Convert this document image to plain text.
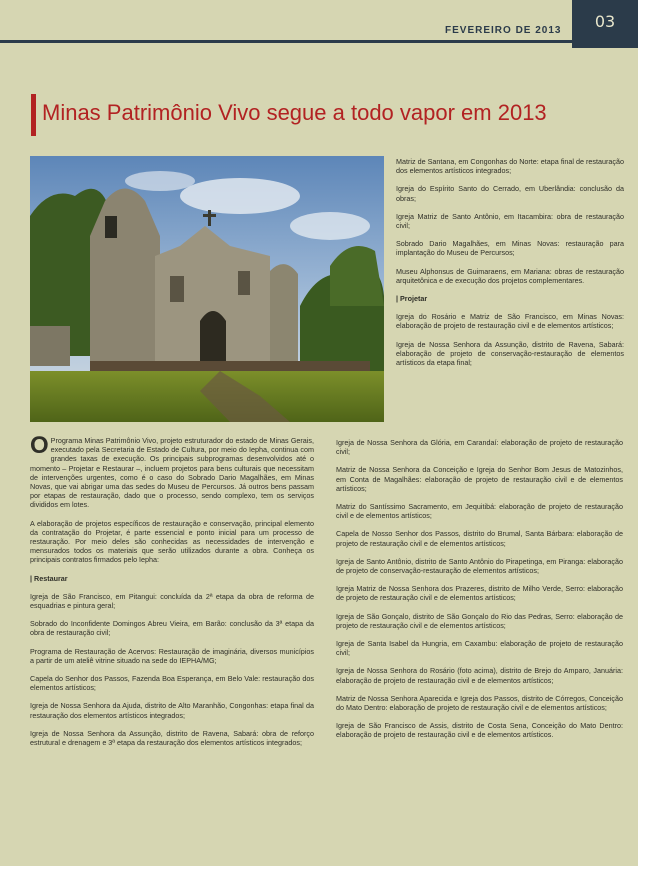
FEVEREIRO DE 2013	03
Minas Patrimônio Vivo segue a todo vapor em 2013

Matriz de Santana, em Congonhas do Norte: etapa final de restauração dos elementos artísticos integrados;

Igreja do Espírito Santo do Cerrado, em Uberlândia: conclusão da obras;

Igreja Matriz de Santo Antônio, em Itacambira: obra de restauração civil;

Sobrado Dario Magalhães, em Minas Novas: restauração para implantação do Museu de Percursos;

Museu Alphonsus de Guimaraens, em Mariana: obras de restauração arquitetônica e de execução dos projetos complementares.

| Projetar

Igreja do Rosário e Matriz de São Francisco, em Minas Novas: elaboração de projeto de restauração civil e de elementos artísticos;

Igreja de Nossa Senhora da Assunção, distrito de Ravena, Sabará: elaboração de projeto de conservação-restauração de elementos artísticos da etapa final;

O Programa Minas Patrimônio Vivo, projeto estruturador do estado de Minas Gerais, executado pela Secretaria de Estado de Cultura, por meio do Iepha, continua com grandes taxas de execução. Os principais subprogramas desenvolvidos até o momento – Projetar e Restaurar –, incluem projetos para bens culturais que necessitam de intervenções urgentes, como é o caso do Sobrado Dario Magalhães, em Minas Novas, que vai abrigar uma das sedes do Museu de Percursos. Já outros bens passam por etapas de restauração, dado que o processo, sendo complexo, tem os serviços divididos em lotes.

A elaboração de projetos específicos de restauração e conservação, principal elemento da contratação do Projetar, é parte essencial e ponto inicial para um processo de restauração. Por meio deles são conhecidas as necessidades de intervenção e mensurados todos os materiais que serão utilizados durante a obra. Conheça os principais contratos firmados pelo Iepha:

| Restaurar

Igreja de São Francisco, em Pitangui: concluída da 2ª etapa da obra de reforma de esquadrias e pintura geral;

Sobrado do Inconfidente Domingos Abreu Vieira, em Barão: conclusão da 3ª etapa da obra de restauração civil;

Programa de Restauração de Acervos: Restauração de imaginária, diversos municípios a partir de um ateliê vitrine situado na sede do IEPHA/MG;

Capela do Senhor dos Passos, Fazenda Boa Esperança, em Belo Vale: restauração dos elementos artísticos;

Igreja de Nossa Senhora da Ajuda, distrito de Alto Maranhão, Congonhas: etapa final da restauração dos elementos artísticos integrados;

Igreja de Nossa Senhora da Assunção, distrito de Ravena, Sabará: obra de reforço estrutural e drenagem e 3ª etapa da restauração dos elementos artísticos integrados;

Igreja de Nossa Senhora da Glória, em Carandaí: elaboração de projeto de restauração civil;

Matriz de Nossa Senhora da Conceição e Igreja do Senhor Bom Jesus de Matozinhos, em Conta de Magalhães: elaboração de projeto de restauração civil e de elementos artísticos;

Matriz do Santíssimo Sacramento, em Jequitibá: elaboração de projeto de restauração civil e de elementos artísticos;

Capela de Nosso Senhor dos Passos, distrito do Brumal, Santa Bárbara: elaboração de projeto de restauração civil e de elementos artísticos;

Igreja de Santo Antônio, distrito de Santo Antônio do Pirapetinga, em Piranga: elaboração de projeto de conservação-restauração de elementos artísticos;

Igreja Matriz de Nossa Senhora dos Prazeres, distrito de Milho Verde, Serro: elaboração de projeto de restauração civil e de elementos artísticos;

Igreja de São Gonçalo, distrito de São Gonçalo do Rio das Pedras, Serro: elaboração de projeto de restauração civil e de elementos artísticos;

Igreja de Santa Isabel da Hungria, em Caxambu: elaboração de projeto de restauração civil;

Igreja de Nossa Senhora do Rosário (foto acima), distrito de Brejo do Amparo, Januária: elaboração de projeto de restauração civil e de elementos artísticos;

Matriz de Nossa Senhora Aparecida e Igreja dos Passos, distrito de Córregos, Conceição do Mato Dentro: elaboração de projeto de restauração civil e de elementos artísticos;

Igreja de São Francisco de Assis, distrito de Costa Sena, Conceição do Mato Dentro: elaboração de projeto de restauração civil e de elementos artísticos.
